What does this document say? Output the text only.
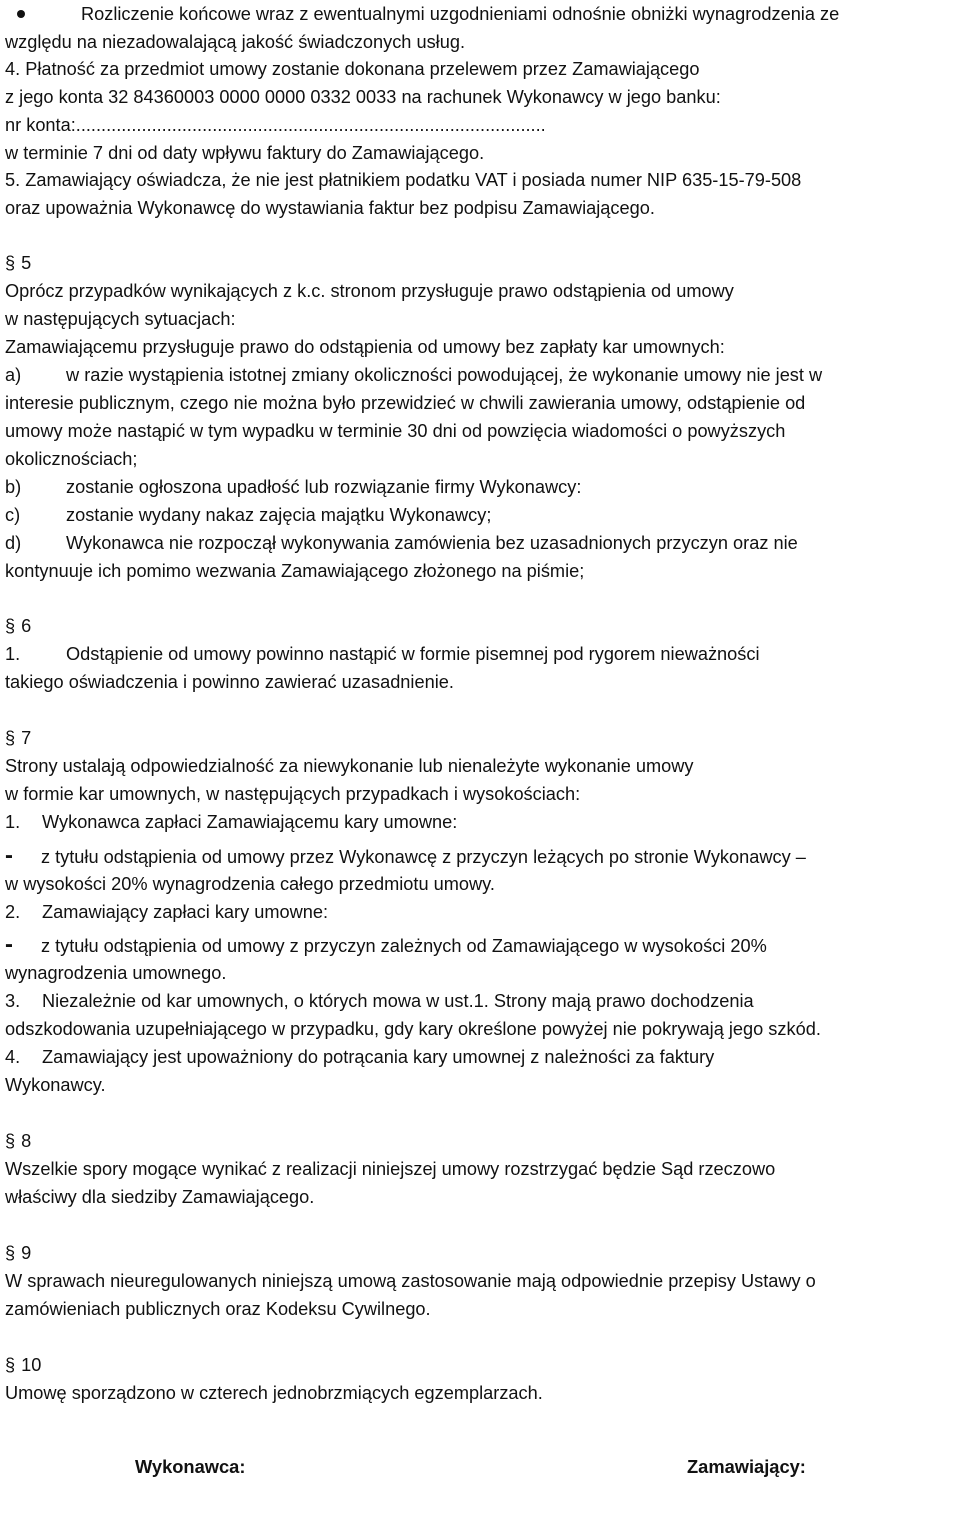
Rozliczenie końcowe wraz z ewentualnymi uzgodnieniami odnośnie obniżki wynagrodzenia ze
względu na niezadowalającą jakość świadczonych usług.
4. Płatność za przedmiot umowy zostanie dokonana przelewem przez Zamawiającego
z jego konta 32 84360003 0000 0000 0332 0033 na rachunek Wykonawcy w jego banku:
nr konta:.............................................................................................
w terminie 7 dni od daty wpływu faktury do Zamawiającego.
5. Zamawiający oświadcza, że nie jest płatnikiem podatku VAT i posiada numer NIP 635-15-79-508
oraz upoważnia Wykonawcę do wystawiania faktur bez podpisu Zamawiającego.
§ 5
Oprócz przypadków wynikających z k.c. stronom przysługuje prawo odstąpienia od umowy
w następujących sytuacjach:
Zamawiającemu przysługuje prawo do odstąpienia od umowy bez zapłaty kar umownych:
a) w razie wystąpienia istotnej zmiany okoliczności powodującej, że wykonanie umowy nie jest w
interesie publicznym, czego nie można było przewidzieć w chwili zawierania umowy, odstąpienie od
umowy może nastąpić w tym wypadku w terminie 30 dni od powzięcia wiadomości o powyższych
okolicznościach;
b) zostanie ogłoszona upadłość lub rozwiązanie firmy Wykonawcy:
c)	zostanie wydany nakaz zajęcia majątku Wykonawcy;
d) Wykonawca nie rozpoczął wykonywania zamówienia bez uzasadnionych przyczyn oraz nie
kontynuuje ich pomimo wezwania Zamawiającego złożonego na piśmie;
§ 6
1.	Odstąpienie od umowy powinno nastąpić w formie pisemnej pod rygorem nieważności
takiego oświadczenia i powinno zawierać uzasadnienie.
§ 7
Strony ustalają odpowiedzialność za niewykonanie lub nienależyte wykonanie umowy
w formie kar umownych, w następujących przypadkach i wysokościach:
1. Wykonawca zapłaci Zamawiającemu kary umowne:
- z tytułu odstąpienia od umowy przez Wykonawcę z przyczyn leżących po stronie Wykonawcy –
w wysokości 20% wynagrodzenia całego przedmiotu umowy.
2. Zamawiający zapłaci kary umowne:
- z tytułu odstąpienia od umowy z przyczyn zależnych od Zamawiającego w wysokości 20%
wynagrodzenia umownego.
3. Niezależnie od kar umownych, o których mowa w ust.1. Strony mają prawo dochodzenia
odszkodowania uzupełniającego w przypadku, gdy kary określone powyżej nie pokrywają jego szkód.
4. Zamawiający jest upoważniony do potrącania kary umownej z należności za faktury
Wykonawcy.
§ 8
Wszelkie spory mogące wynikać z realizacji niniejszej umowy rozstrzygać będzie Sąd rzeczowo
właściwy dla siedziby Zamawiającego.
§ 9
W sprawach nieuregulowanych niniejszą umową zastosowanie mają odpowiednie przepisy Ustawy o
zamówieniach publicznych oraz Kodeksu Cywilnego.
§ 10
Umowę sporządzono w czterech jednobrzmiących egzemplarzach.
Wykonawca:	Zamawiający:
